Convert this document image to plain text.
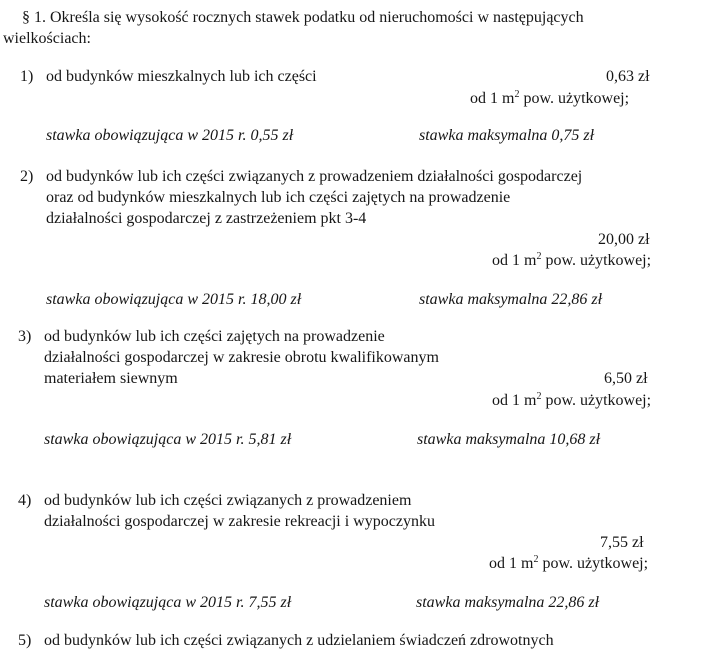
§ 1. Określa się wysokość rocznych stawek podatku od nieruchomości w następujących
wielkościach:
1) od budynków mieszkalnych lub ich części	0,63 zł
od 1 $m^2$ pow. użytkowej;
stawka obowiązująca w 2015 r. 0,55 zł	stawka maksymalna 0,75 zł
2) od budynków lub ich części związanych z prowadzeniem działalności gospodarczej
oraz od budynków mieszkalnych lub ich części zajętych na prowadzenie
działalności gospodarczej z zastrzeżeniem pkt 3-4
20,00 zł
od 1 $m^2$ pow. użytkowej;
stawka obowiązująca w 2015 r. 18,00 zł	stawka maksymalna 22,86 zł
3) od budynków lub ich części zajętych na prowadzenie
działalności gospodarczej w zakresie obrotu kwalifikowanym
materiałem siewnym	6,50 zł
od 1 $m^2$ pow. użytkowej;
stawka obowiązująca w 2015 r. 5,81 zł	stawka maksymalna 10,68 zł
4) od budynków lub ich części związanych z prowadzeniem
działalności gospodarczej w zakresie rekreacji i wypoczynku
7,55 zł
od 1 $m^2$ pow. użytkowej;
stawka obowiązująca w 2015 r. 7,55 zł	stawka maksymalna 22,86 zł
5) od budynków lub ich części związanych z udzielaniem świadczeń zdrowotnych
